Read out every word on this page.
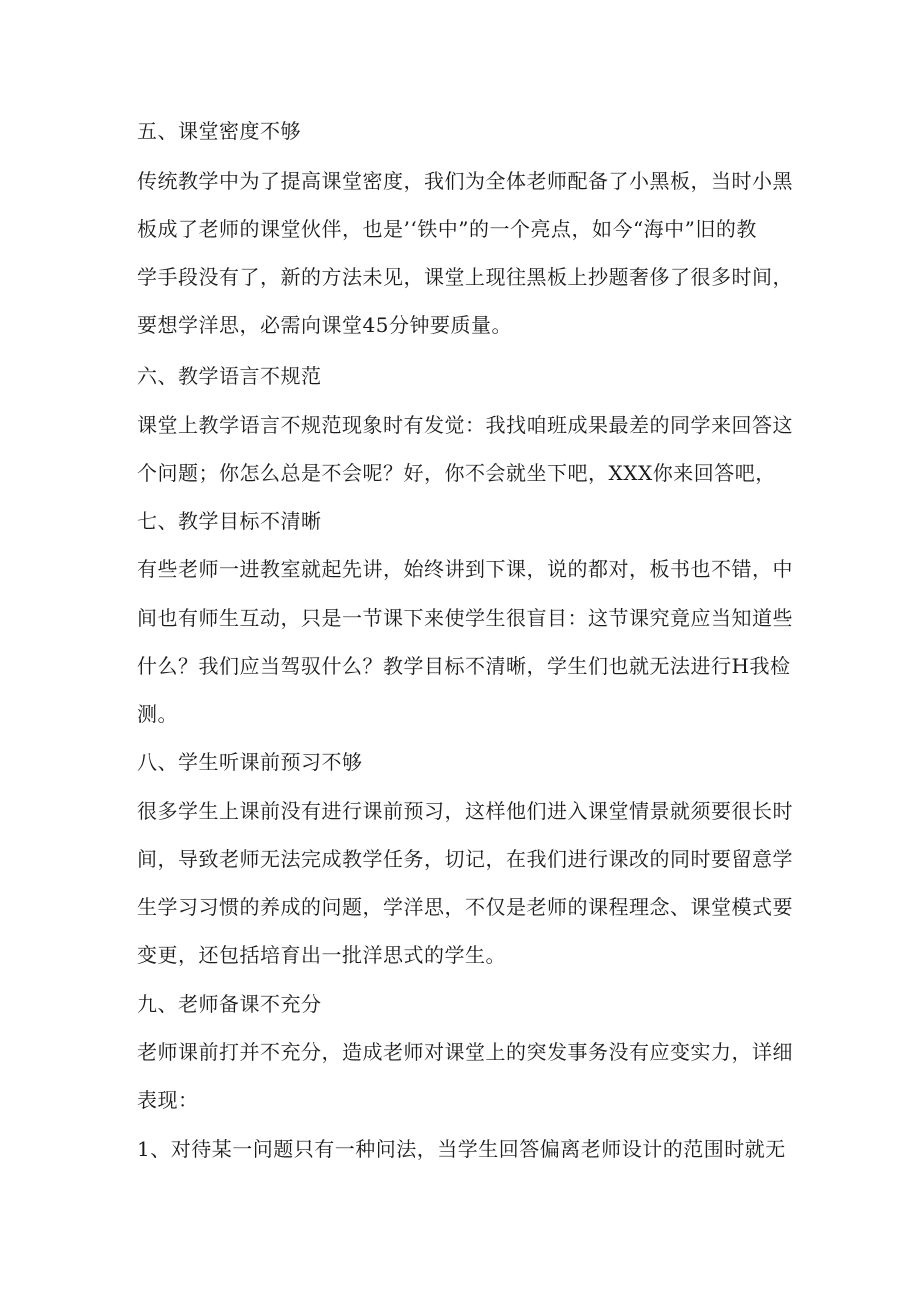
五、课堂密度不够
传统教学中为了提高课堂密度，我们为全体老师配备了小黑板，当时小黑
板成了老师的课堂伙伴，也是’‘铁中”的一个亮点，如今“海中”旧的教
学手段没有了，新的方法未见，课堂上现往黑板上抄题奢侈了很多时间，
要想学洋思，必需向课堂45分钟要质量。
六、教学语言不规范
课堂上教学语言不规范现象时有发觉：我找咱班成果最差的同学来回答这
个问题；你怎么总是不会呢？好，你不会就坐下吧，XXX你来回答吧，
七、教学目标不清晰
有些老师一进教室就起先讲，始终讲到下课，说的都对，板书也不错，中
间也有师生互动，只是一节课下来使学生很盲目：这节课究竟应当知道些
什么？我们应当驾驭什么？教学目标不清晰，学生们也就无法进行H我检
测。
八、学生听课前预习不够
很多学生上课前没有进行课前预习，这样他们进入课堂情景就须要很长时
间，导致老师无法完成教学任务，切记，在我们进行课改的同时要留意学
生学习习惯的养成的问题，学洋思，不仅是老师的课程理念、课堂模式要
变更，还包括培育出一批洋思式的学生。
九、老师备课不充分
老师课前打并不充分，造成老师对课堂上的突发事务没有应变实力，详细
表现：
1、对待某一问题只有一种问法，当学生回答偏离老师设计的范围时就无
